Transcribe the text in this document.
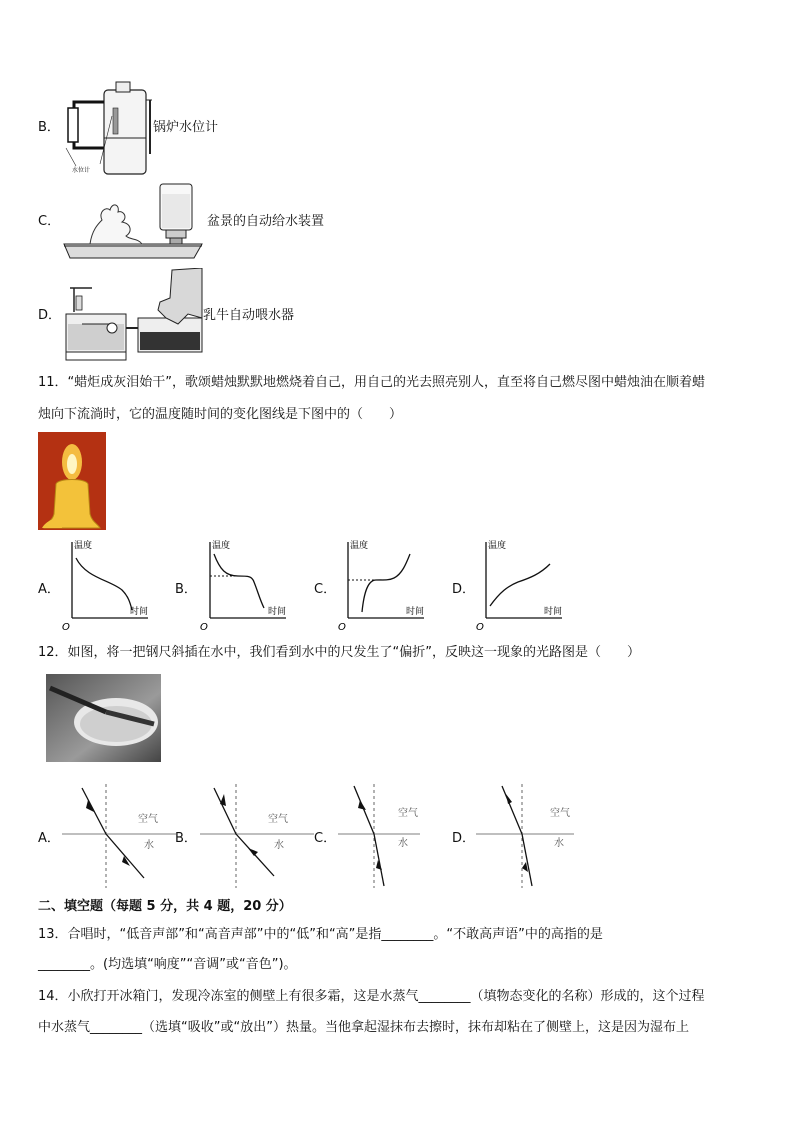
B．
水位计
锅炉水位计
C．	盆景的自动给水装置
D．	乳牛自动喂水器
11．“蜡炬成灰泪始干”，歌颂蜡烛默默地燃烧着自己，用自己的光去照亮别人，直至将自己燃尽图中蜡烛油在顺着蜡
烛向下流淌时，它的温度随时间的变化图线是下图中的（　　）
A．	B．	C．	D．
温度
时间
O
温度
时间
O
温度
时间
O
温度
时间
O
12．如图，将一把钢尺斜插在水中，我们看到水中的尺发生了“偏折”，反映这一现象的光路图是（　　）
A．	B．	C．	D．
空气
水
空气
水
空气
水
空气
水
二、填空题（每题 5 分，共 4 题，20 分）
13．合唱时，“低音声部”和“高音声部”中的“低”和“高”是指________。“不敢高声语”中的高指的是
________。(均选填“响度”“音调”或“音色”)。
14．小欣打开冰箱门，发现冷冻室的侧壁上有很多霜，这是水蒸气________（填物态变化的名称）形成的，这个过程
中水蒸气________（选填“吸收”或“放出”）热量。当他拿起湿抹布去擦时，抹布却粘在了侧壁上，这是因为湿布上
